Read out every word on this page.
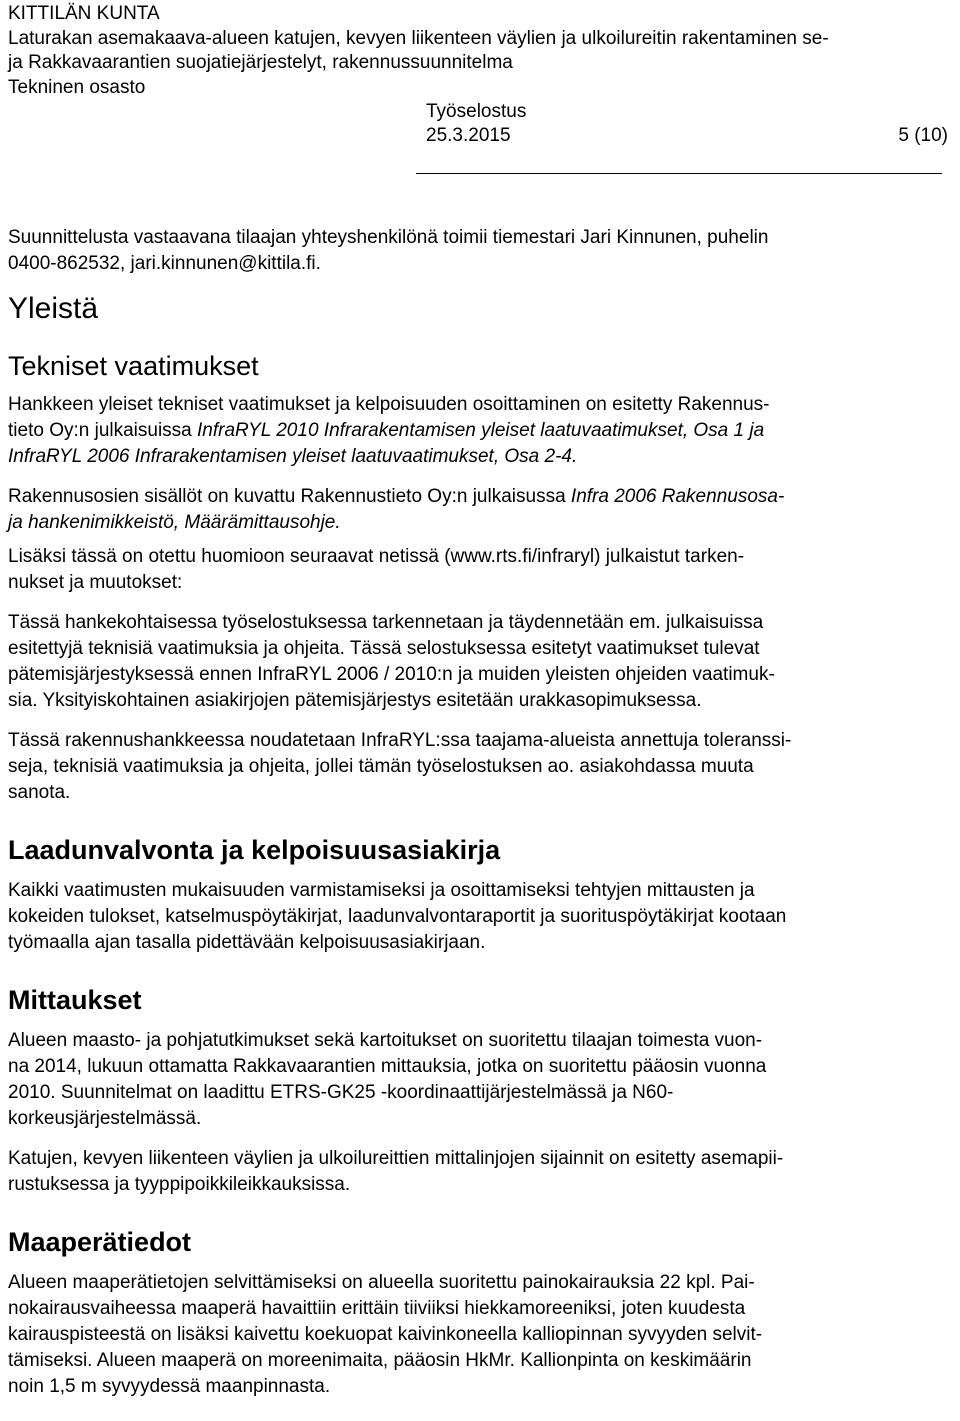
KITTILÄN KUNTA
Laturakan asemakaava-alueen katujen, kevyen liikenteen väylien ja ulkoilureitin rakentaminen se-
ja Rakkavaarantien suojatiejärjestelyt, rakennussuunnitelma
Tekninen osasto
Työselostus
25.3.2015	5 (10)

Suunnittelusta vastaavana tilaajan yhteyshenkilönä toimii tiemestari Jari Kinnunen, puhelin
0400-862532, jari.kinnunen@kittila.fi.

Yleistä
Tekniset vaatimukset

Hankkeen yleiset tekniset vaatimukset ja kelpoisuuden osoittaminen on esitetty Rakennus-
tieto Oy:n julkaisuissa InfraRYL 2010 Infrarakentamisen yleiset laatuvaatimukset, Osa 1 ja
InfraRYL 2006 Infrarakentamisen yleiset laatuvaatimukset, Osa 2-4.

Rakennusosien sisällöt on kuvattu Rakennustieto Oy:n julkaisussa Infra 2006 Rakennusosa-
ja hankenimikkeistö, Määrämittausohje.

Lisäksi tässä on otettu huomioon seuraavat netissä (www.rts.fi/infraryl) julkaistut tarken-
nukset ja muutokset:

Tässä hankekohtaisessa työselostuksessa tarkennetaan ja täydennetään em. julkaisuissa
esitettyjä teknisiä vaatimuksia ja ohjeita. Tässä selostuksessa esitetyt vaatimukset tulevat
pätemisjärjestyksessä ennen InfraRYL 2006 / 2010:n ja muiden yleisten ohjeiden vaatimuk-
sia. Yksityiskohtainen asiakirjojen pätemisjärjestys esitetään urakkasopimuksessa.

Tässä rakennushankkeessa noudatetaan InfraRYL:ssa taajama-alueista annettuja toleranssi-
seja, teknisiä vaatimuksia ja ohjeita, jollei tämän työselostuksen ao. asiakohdassa muuta
sanota.

Laadunvalvonta ja kelpoisuusasiakirja

Kaikki vaatimusten mukaisuuden varmistamiseksi ja osoittamiseksi tehtyjen mittausten ja
kokeiden tulokset, katselmuspöytäkirjat, laadunvalvontaraportit ja suorituspöytäkirjat kootaan
työmaalla ajan tasalla pidettävään kelpoisuusasiakirjaan.

Mittaukset

Alueen maasto- ja pohjatutkimukset sekä kartoitukset on suoritettu tilaajan toimesta vuon-
na 2014, lukuun ottamatta Rakkavaarantien mittauksia, jotka on suoritettu pääosin vuonna
2010. Suunnitelmat on laadittu ETRS-GK25 -koordinaattijärjestelmässä ja N60-
korkeusjärjestelmässä.

Katujen, kevyen liikenteen väylien ja ulkoilureittien mittalinjojen sijainnit on esitetty asemapii-
rustuksessa ja tyyppipoikkileikkauksissa.

Maaperätiedot

Alueen maaperätietojen selvittämiseksi on alueella suoritettu painokairauksia 22 kpl. Pai-
nokairausvaiheessa maaperä havaittiin erittäin tiiviiksi hiekkamoreeniksi, joten kuudesta
kairauspisteestä on lisäksi kaivettu koekuopat kaivinkoneella kalliopinnan syvyyden selvit-
tämiseksi. Alueen maaperä on moreenimaita, pääosin HkMr. Kallionpinta on keskimäärin
noin 1,5 m syvyydessä maanpinnasta.
